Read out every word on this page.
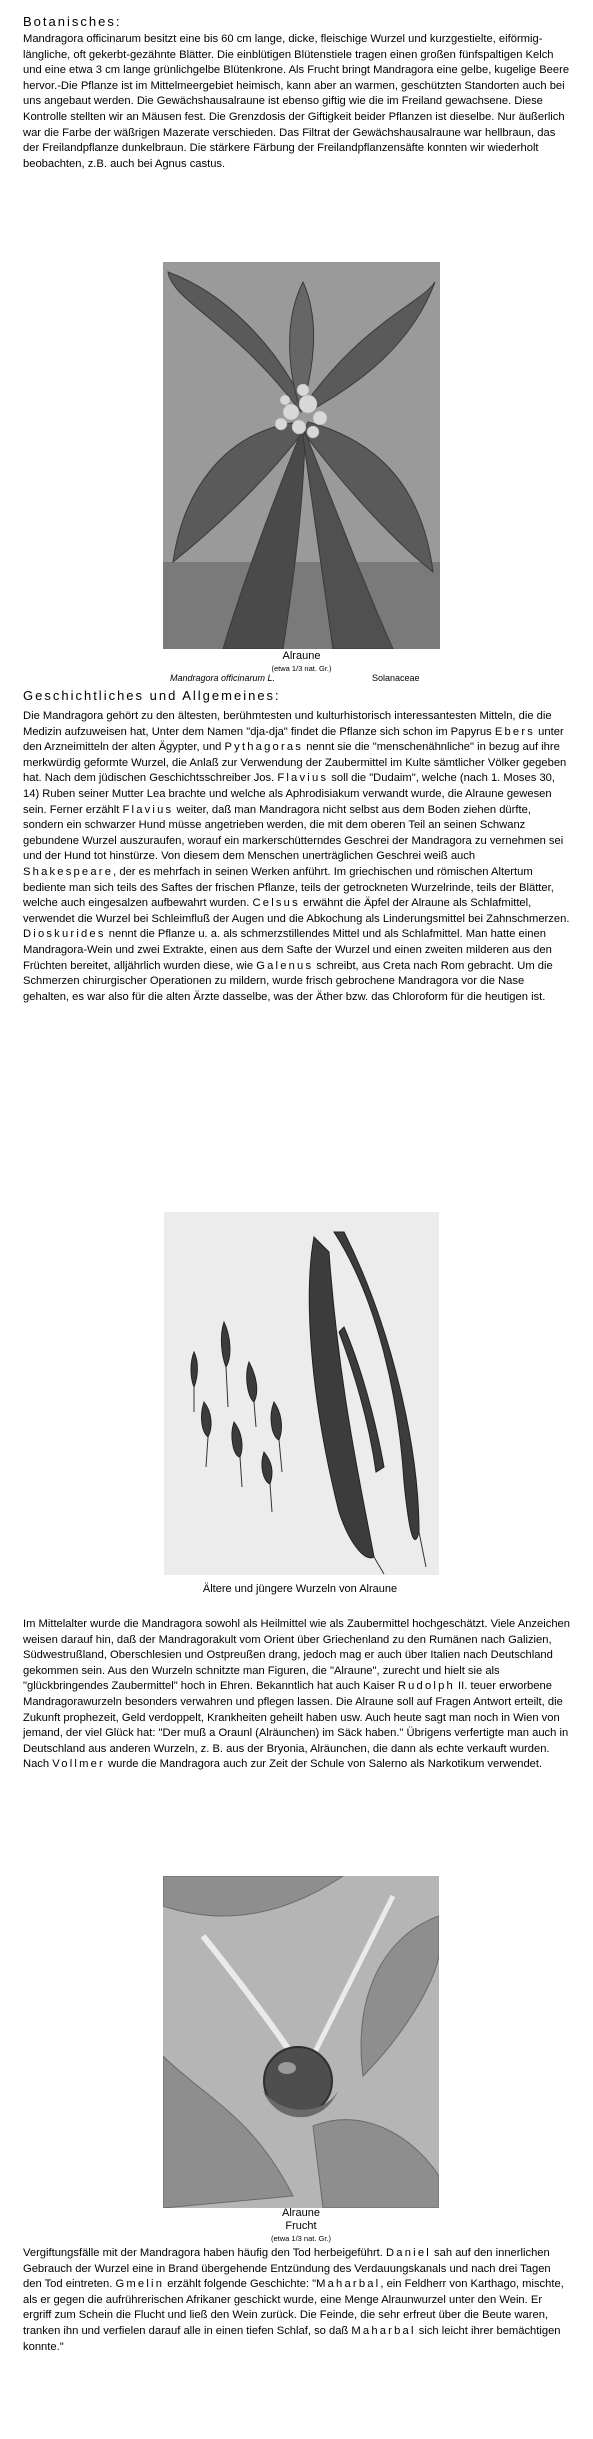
Botanisches:
Mandragora officinarum besitzt eine bis 60 cm lange, dicke, fleischige Wurzel und kurzgestielte, eiförmig-längliche, oft gekerbt-gezähnte Blätter. Die einblütigen Blütenstiele tragen einen großen fünfspaltigen Kelch und eine etwa 3 cm lange grünlichgelbe Blütenkrone. Als Frucht bringt Mandragora eine gelbe, kugelige Beere hervor.-Die Pflanze ist im Mittelmeergebiet heimisch, kann aber an warmen, geschützten Standorten auch bei uns angebaut werden. Die Gewächshausalraune ist ebenso giftig wie die im Freiland gewachsene. Diese Kontrolle stellten wir an Mäusen fest. Die Grenzdosis der Giftigkeit beider Pflanzen ist dieselbe. Nur äußerlich war die Farbe der wäßrigen Mazerate verschieden. Das Filtrat der Gewächshausalraune war hellbraun, das der Freilandpflanze dunkelbraun. Die stärkere Färbung der Freilandpflanzensäfte konnten wir wiederholt beobachten, z.B. auch bei Agnus castus.
Alraune
(etwa 1/3 nat. Gr.)
Mandragora officinarum L.	Solanaceae
Geschichtliches und Allgemeines:
Die Mandragora gehört zu den ältesten, berühmtesten und kulturhistorisch interessantesten Mitteln, die die Medizin aufzuweisen hat, Unter dem Namen "dja-dja" findet die Pflanze sich schon im Papyrus Ebers unter den Arzneimitteln der alten Ägypter, und Pythagoras nennt sie die "menschenähnliche" in bezug auf ihre merkwürdig geformte Wurzel, die Anlaß zur Verwendung der Zaubermittel im Kulte sämtlicher Völker gegeben hat. Nach dem jüdischen Geschichtsschreiber Jos. Flavius soll die "Dudaim", welche (nach 1. Moses 30, 14) Ruben seiner Mutter Lea brachte und welche als Aphrodisiakum verwandt wurde, die Alraune gewesen sein. Ferner erzählt Flavius weiter, daß man Mandragora nicht selbst aus dem Boden ziehen dürfte, sondern ein schwarzer Hund müsse angetrieben werden, die mit dem oberen Teil an seinen Schwanz gebundene Wurzel auszuraufen, worauf ein markerschütterndes Geschrei der Mandragora zu vernehmen sei und der Hund tot hinstürze. Von diesem dem Menschen unerträglichen Geschrei weiß auch Shakespeare, der es mehrfach in seinen Werken anführt. Im griechischen und römischen Altertum bediente man sich teils des Saftes der frischen Pflanze, teils der getrockneten Wurzelrinde, teils der Blätter, welche auch eingesalzen aufbewahrt wurden. Celsus erwähnt die Äpfel der Alraune als Schlafmittel, verwendet die Wurzel bei Schleimfluß der Augen und die Abkochung als Linderungsmittel bei Zahnschmerzen. Dioskurides nennt die Pflanze u. a. als schmerzstillendes Mittel und als Schlafmittel. Man hatte einen Mandragora-Wein und zwei Extrakte, einen aus dem Safte der Wurzel und einen zweiten milderen aus den Früchten bereitet, alljährlich wurden diese, wie Galenus schreibt, aus Creta nach Rom gebracht. Um die Schmerzen chirurgischer Operationen zu mildern, wurde frisch gebrochene Mandragora vor die Nase gehalten, es war also für die alten Ärzte dasselbe, was der Äther bzw. das Chloroform für die heutigen ist.
Ältere und jüngere Wurzeln von Alraune
Im Mittelalter wurde die Mandragora sowohl als Heilmittel wie als Zaubermittel hochgeschätzt. Viele Anzeichen weisen darauf hin, daß der Mandragorakult vom Orient über Griechenland zu den Rumänen nach Galizien, Südwestrußland, Oberschlesien und Ostpreußen drang, jedoch mag er auch über Italien nach Deutschland gekommen sein. Aus den Wurzeln schnitzte man Figuren, die "Alraune", zurecht und hielt sie als "glückbringendes Zaubermittel" hoch in Ehren. Bekanntlich hat auch Kaiser Rudolph II. teuer erworbene Mandragorawurzeln besonders verwahren und pflegen lassen. Die Alraune soll auf Fragen Antwort erteilt, die Zukunft prophezeit, Geld verdoppelt, Krankheiten geheilt haben usw. Auch heute sagt man noch in Wien von jemand, der viel Glück hat: "Der muß a Oraunl (Alräunchen) im Säck haben." Übrigens verfertigte man auch in Deutschland aus anderen Wurzeln, z. B. aus der Bryonia, Alräunchen, die dann als echte verkauft wurden. Nach Vollmer wurde die Mandragora auch zur Zeit der Schule von Salerno als Narkotikum verwendet.
Alraune
Frucht
(etwa 1/3 nat. Gr.)
Vergiftungsfälle mit der Mandragora haben häufig den Tod herbeigeführt. Daniel sah auf den innerlichen Gebrauch der Wurzel eine in Brand übergehende Entzündung des Verdauungskanals und nach drei Tagen den Tod eintreten. Gmelin erzählt folgende Geschichte: "Maharbal, ein Feldherr von Karthago, mischte, als er gegen die aufrührerischen Afrikaner geschickt wurde, eine Menge Alraunwurzel unter den Wein. Er ergriff zum Schein die Flucht und ließ den Wein zurück. Die Feinde, die sehr erfreut über die Beute waren, tranken ihn und verfielen darauf alle in einen tiefen Schlaf, so daß Maharbal sich leicht ihrer bemächtigen konnte."
